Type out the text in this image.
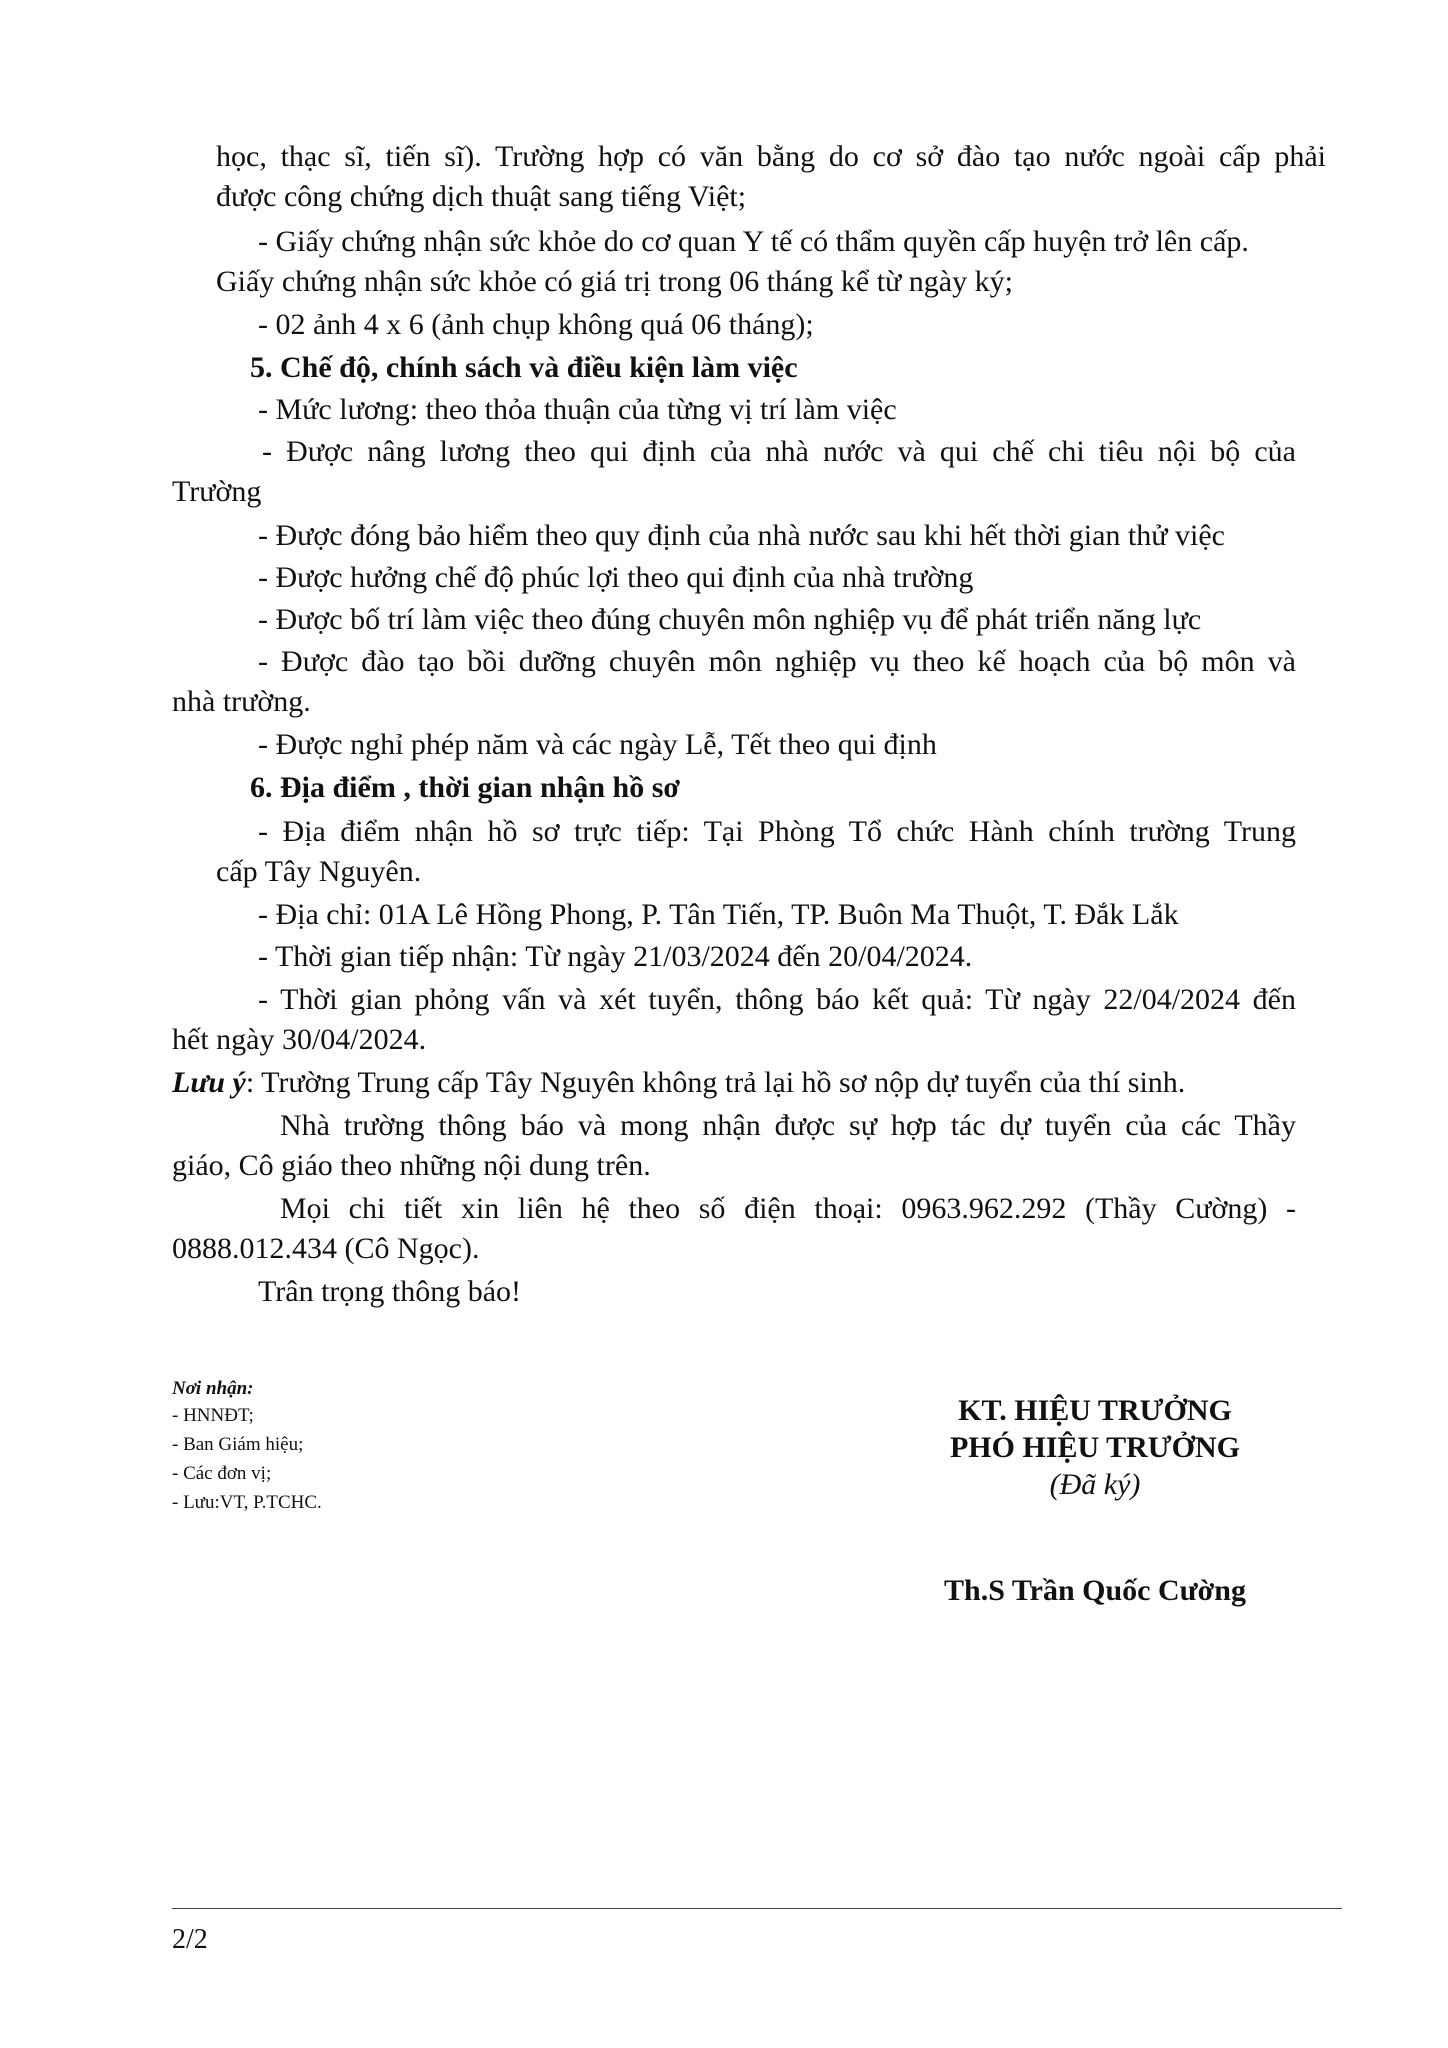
học, thạc sĩ, tiến sĩ). Trường hợp có văn bằng do cơ sở đào tạo nước ngoài cấp phải
được công chứng dịch thuật sang tiếng Việt;
- Giấy chứng nhận sức khỏe do cơ quan Y tế có thẩm quyền cấp huyện trở lên cấp.
Giấy chứng nhận sức khỏe có giá trị trong 06 tháng kể từ ngày ký;
- 02 ảnh 4 x 6 (ảnh chụp không quá 06 tháng);
5. Chế độ, chính sách và điều kiện làm việc
- Mức lương: theo thỏa thuận của từng vị trí làm việc
- Được nâng lương theo qui định của nhà nước và qui chế chi tiêu nội bộ của
Trường
- Được đóng bảo hiểm theo quy định của nhà nước sau khi hết thời gian thử việc
- Được hưởng chế độ phúc lợi theo qui định của nhà trường
- Được bố trí làm việc theo đúng chuyên môn nghiệp vụ để phát triển năng lực
- Được đào tạo bồi dưỡng chuyên môn nghiệp vụ theo kế hoạch của bộ môn và
nhà trường.
- Được nghỉ phép năm và các ngày Lễ, Tết theo qui định
6. Địa điểm , thời gian nhận hồ sơ
- Địa điểm nhận hồ sơ trực tiếp: Tại Phòng Tổ chức Hành chính trường Trung
cấp Tây Nguyên.
- Địa chỉ: 01A Lê Hồng Phong, P. Tân Tiến, TP. Buôn Ma Thuột, T. Đắk Lắk
- Thời gian tiếp nhận: Từ ngày 21/03/2024 đến 20/04/2024.
- Thời gian phỏng vấn và xét tuyển, thông báo kết quả: Từ ngày 22/04/2024 đến
hết ngày 30/04/2024.
Lưu ý: Trường Trung cấp Tây Nguyên không trả lại hồ sơ nộp dự tuyển của thí sinh.
Nhà trường thông báo và mong nhận được sự hợp tác dự tuyển của các Thầy
giáo, Cô giáo theo những nội dung trên.
Mọi chi tiết xin liên hệ theo số điện thoại: 0963.962.292 (Thầy Cường) -
0888.012.434 (Cô Ngọc).
Trân trọng thông báo!
Nơi nhận:
- HNNĐT;
- Ban Giám hiệu;
- Các đơn vị;
- Lưu:VT, P.TCHC.
KT. HIỆU TRƯỞNG
PHÓ HIỆU TRƯỞNG
(Đã ký)
Th.S Trần Quốc Cường
2/2
